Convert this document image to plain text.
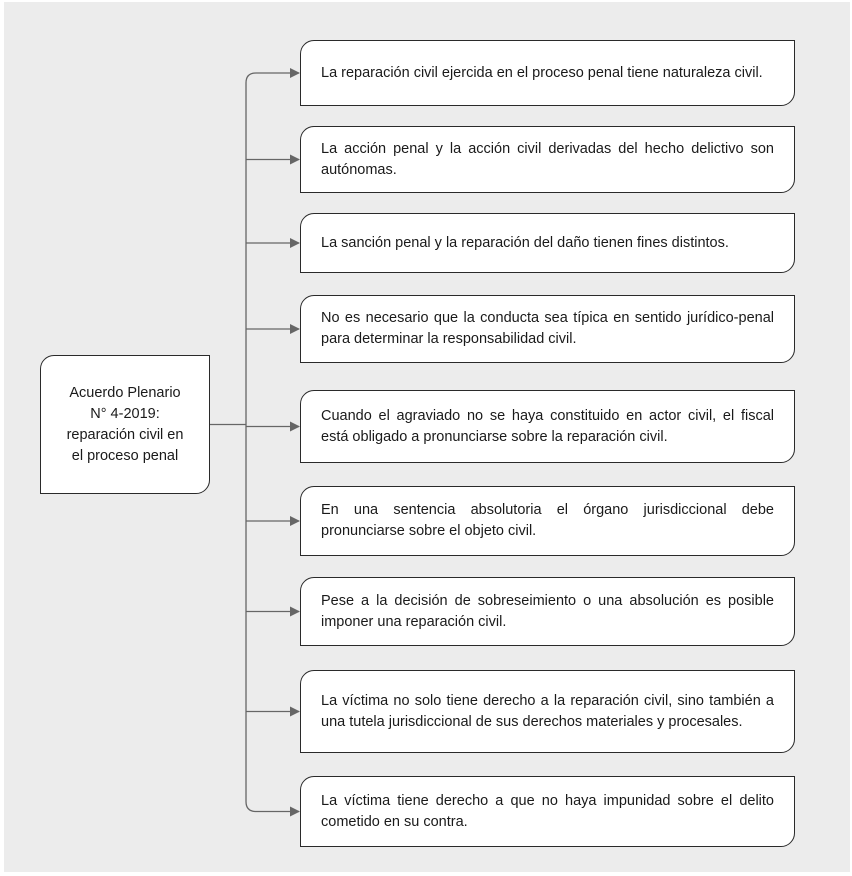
Acuerdo Plenario
N° 4-2019:
reparación civil en
el proceso penal
La reparación civil ejercida en el proceso penal tiene naturaleza civil.
La acción penal y la acción civil derivadas del hecho delictivo son autónomas.
La sanción penal y la reparación del daño tienen fines distintos.
No es necesario que la conducta sea típica en sentido jurídico-penal para determinar la responsabilidad civil.
Cuando el agraviado no se haya constituido en actor civil, el fiscal está obligado a pronunciarse sobre la reparación civil.
En una sentencia absolutoria el órgano jurisdiccional debe pronunciarse sobre el objeto civil.
Pese a la decisión de sobreseimiento o una absolución es posible imponer una reparación civil.
La víctima no solo tiene derecho a la reparación civil, sino también a una tutela jurisdiccional de sus derechos materiales y procesales.
La víctima tiene derecho a que no haya impunidad sobre el delito cometido en su contra.
